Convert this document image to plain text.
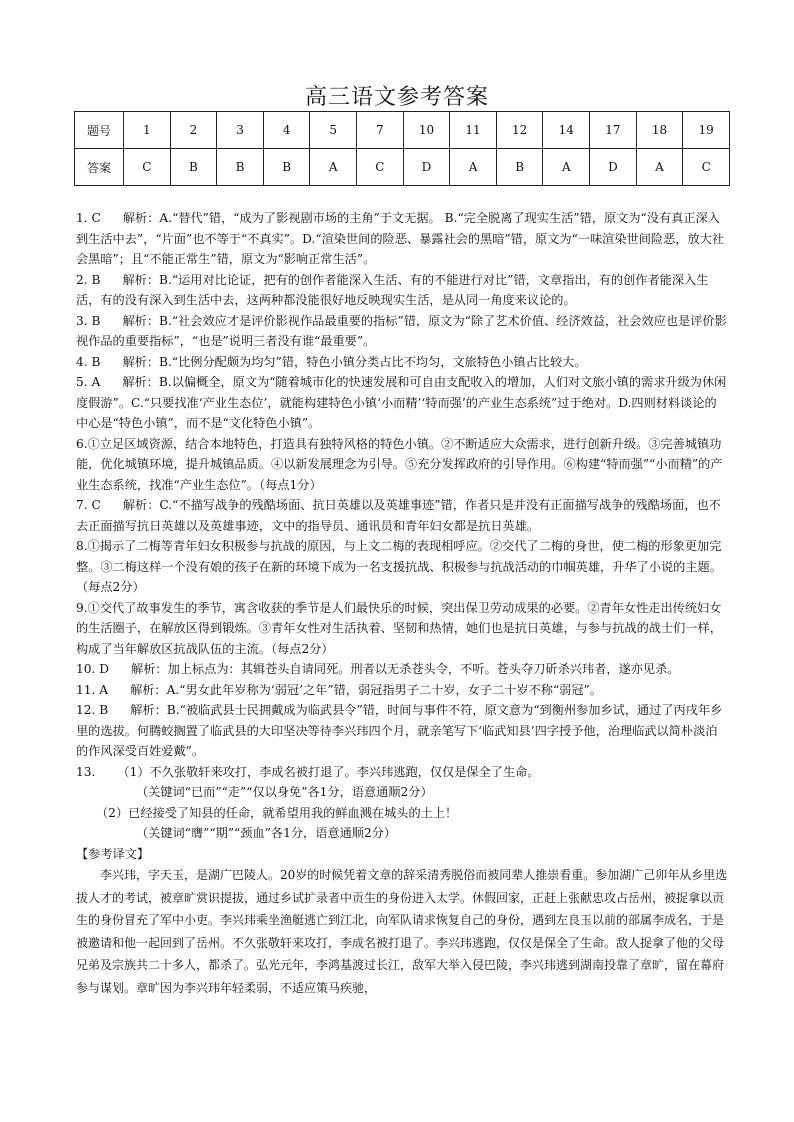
高三语文参考答案
题号	1	2	3	4	5	7	10	11	12	14	17	18	19
答案	C	B	B	B	A	C	D	A	B	A	D	A	C

1. C 解析：A.“替代”错，“成为了影视剧市场的主角”于文无据。 B.“完全脱离了现实生活”错，原文为“没有真正深入到生活中去”，“片面”也不等于“不真实”。D.“渲染世间的险恶、暴露社会的黑暗”错，原文为“一味渲染世间险恶，放大社会黑暗”；且“不能正常生”错，原文为“影响正常生活”。

2. B 解析：B.“运用对比论证，把有的创作者能深入生活、有的不能进行对比”错，文章指出，有的创作者能深入生活，有的没有深入到生活中去，这两种都没能很好地反映现实生活，是从同一角度来议论的。

3. B 解析：B.“社会效应才是评价影视作品最重要的指标”错，原文为“除了艺术价值、经济效益，社会效应也是评价影视作品的重要指标”，“也是”说明三者没有谁“最重要”。

4. B 解析：B.“比例分配颇为均匀”错，特色小镇分类占比不均匀，文旅特色小镇占比较大。

5. A 解析：B.以偏概全，原文为“随着城市化的快速发展和可自由支配收入的增加，人们对文旅小镇的需求升级为休闲度假游”。C.“只要找准‘产业生态位’，就能构建特色小镇‘小而精’‘特而强’的产业生态系统”过于绝对。D.四则材料谈论的中心是“特色小镇”，而不是“文化特色小镇”。

6.①立足区域资源，结合本地特色，打造具有独特风格的特色小镇。②不断适应大众需求，进行创新升级。③完善城镇功能，优化城镇环境，提升城镇品质。④以新发展理念为引导。⑤充分发挥政府的引导作用。⑥构建“特而强”“小而精”的产业生态系统，找准“产业生态位”。（每点1分）

7. C 解析：C.“不描写战争的残酷场面、抗日英雄以及英雄事迹”错，作者只是并没有正面描写战争的残酷场面，也不去正面描写抗日英雄以及英雄事迹，文中的指导员、通讯员和青年妇女都是抗日英雄。

8.①揭示了二梅等青年妇女积极参与抗战的原因，与上文二梅的表现相呼应。②交代了二梅的身世，使二梅的形象更加完整。③二梅这样一个没有娘的孩子在新的环境下成为一名支援抗战、积极参与抗战活动的巾帼英雄，升华了小说的主题。（每点2分）

9.①交代了故事发生的季节，寓含收获的季节是人们最快乐的时候，突出保卫劳动成果的必要。②青年女性走出传统妇女的生活圈子，在解放区得到锻炼。③青年女性对生活执着、坚韧和热情，她们也是抗日英雄，与参与抗战的战士们一样，构成了当年解放区抗战队伍的主流。（每点2分）

10. D 解析：加上标点为：其辑苍头自请同死。刑者以无杀苍头令，不听。苍头夺刀斫杀兴玮者，遂亦见杀。

11. A 解析：A.“男女此年岁称为‘弱冠’之年”错，弱冠指男子二十岁，女子二十岁不称“弱冠”。

12. B 解析：B.“被临武县士民拥戴成为临武县令”错，时间与事件不符，原文意为“到衡州参加乡试，通过了丙戌年乡里的选拔。何腾蛟搁置了临武县的大印坚决等待李兴玮四个月，就亲笔写下‘临武知县’四字授予他，治理临武以简朴淡泊的作风深受百姓爱戴”。

13. （1）不久张敬轩来攻打，李成名被打退了。李兴玮逃跑，仅仅是保全了生命。

（关键词“已而”“走”“仅以身免”各1分，语意通顺2分）

（2）已经接受了知县的任命，就希望用我的鲜血溅在城头的土上！

（关键词“膺”“期”“颈血”各1分，语意通顺2分）

【参考译文】

李兴玮，字天玉，是湖广巴陵人。20岁的时候凭着文章的辞采清秀脱俗而被同辈人推崇看重。参加湖广己卯年从乡里选拔人才的考试，被章旷赏识提拔，通过乡试扩录者中贡生的身份进入太学。休假回家，正赶上张献忠攻占岳州，被捉拿以贡生的身份冒充了军中小吏。李兴玮乘坐渔艇逃亡到江北，向军队请求恢复自己的身份，遇到左良玉以前的部属李成名，于是被邀请和他一起回到了岳州。不久张敬轩来攻打，李成名被打退了。李兴玮逃跑，仅仅是保全了生命。敌人捉拿了他的父母兄弟及宗族共二十多人，都杀了。弘光元年，李鸿基渡过长江，敌军大举入侵巴陵，李兴玮逃到湖南投靠了章旷，留在幕府参与谋划。章旷因为李兴玮年轻柔弱，不适应策马疾驰，
